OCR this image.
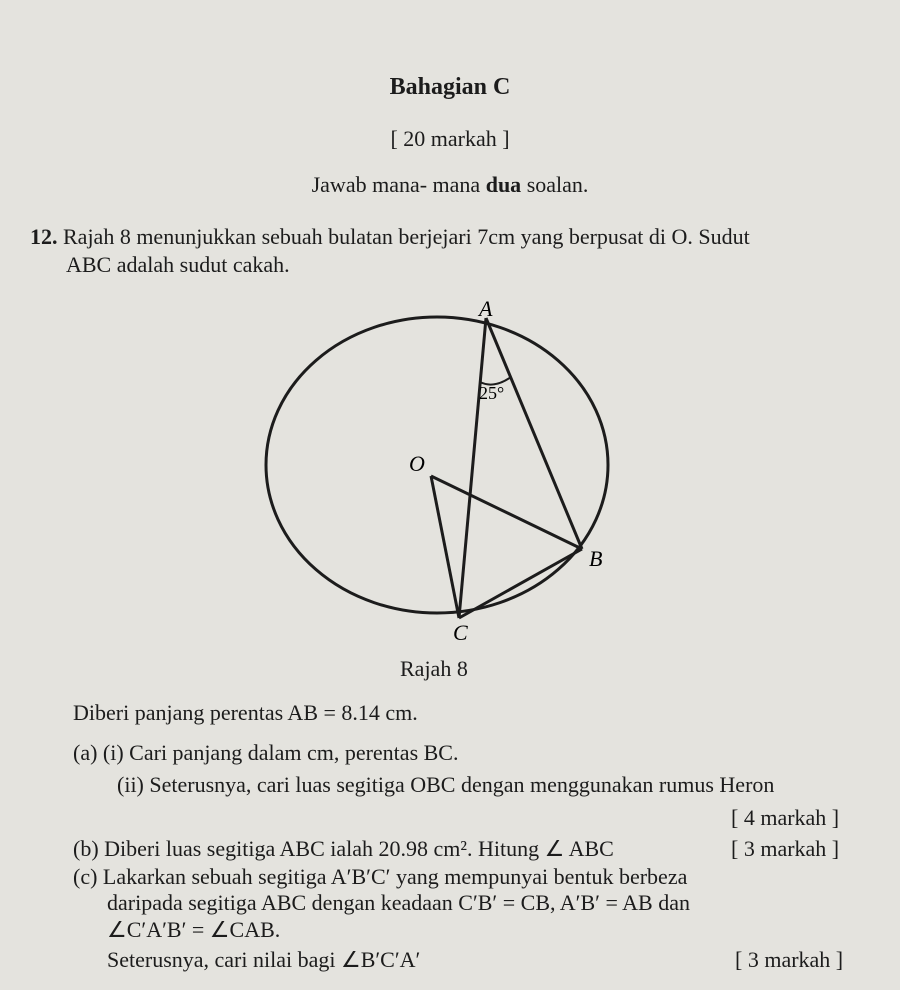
Bahagian C
[ 20 markah ]
Jawab mana- mana dua soalan.
12. Rajah 8 menunjukkan sebuah bulatan berjejari 7cm yang berpusat di O. Sudut
ABC adalah sudut cakah.
A
O
B
C
25°
Rajah 8
Diberi panjang perentas AB = 8.14 cm.
(a) (i) Cari panjang dalam cm, perentas BC.
(ii) Seterusnya, cari luas segitiga OBC dengan menggunakan rumus Heron
[ 4 markah ]
(b) Diberi luas segitiga ABC ialah 20.98 cm². Hitung ∠ ABC	[ 3 markah ]
(c) Lakarkan sebuah segitiga A′B′C′ yang mempunyai bentuk berbeza
daripada segitiga ABC dengan keadaan C′B′ = CB, A′B′ = AB dan
∠C′A′B′ = ∠CAB.
Seterusnya, cari nilai bagi ∠B′C′A′	[ 3 markah ]
